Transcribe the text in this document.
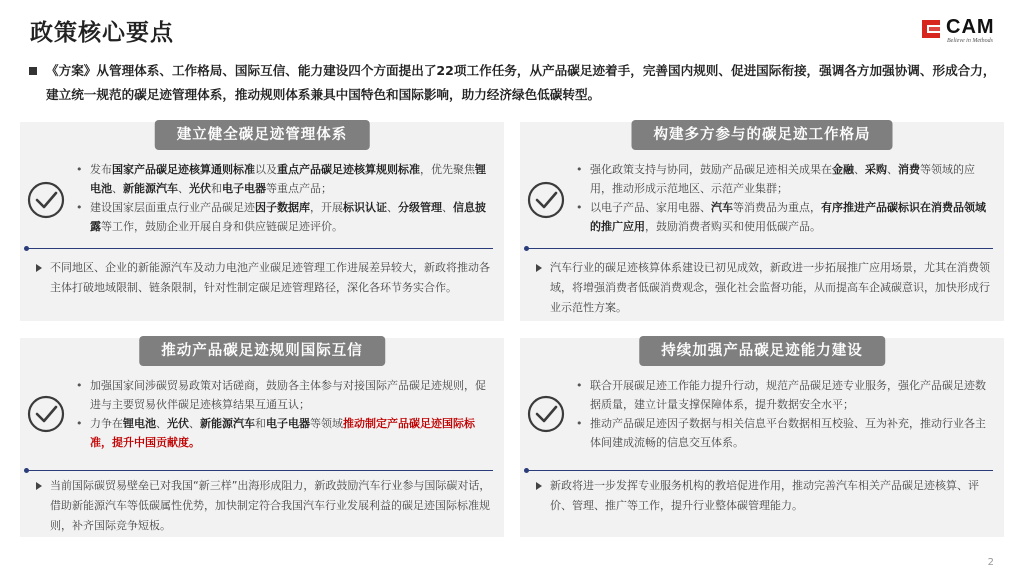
政策核心要点	CAM
Believe in Methods
《方案》从管理体系、工作格局、国际互信、能力建设四个方面提出了22项工作任务，从产品碳足迹着手，完善国内规则、促进国际衔接，强调各方加强协调、形成合力，建立统一规范的碳足迹管理体系，推动规则体系兼具中国特色和国际影响，助力经济绿色低碳转型。
建立健全碳足迹管理体系
• 发布国家产品碳足迹核算通则标准以及重点产品碳足迹核算规则标准，优先聚焦锂电池、新能源汽车、光伏和电子电器等重点产品；
• 建设国家层面重点行业产品碳足迹因子数据库，开展标识认证、分级管理、信息披露等工作，鼓励企业开展自身和供应链碳足迹评价。
不同地区、企业的新能源汽车及动力电池产业碳足迹管理工作进展差异较大，新政将推动各主体打破地域限制、链条限制，针对性制定碳足迹管理路径，深化各环节务实合作。
构建多方参与的碳足迹工作格局
• 强化政策支持与协同，鼓励产品碳足迹相关成果在金融、采购、消费等领域的应用，推动形成示范地区、示范产业集群；
• 以电子产品、家用电器、汽车等消费品为重点，有序推进产品碳标识在消费品领域的推广应用，鼓励消费者购买和使用低碳产品。
汽车行业的碳足迹核算体系建设已初见成效，新政进一步拓展推广应用场景，尤其在消费领域，将增强消费者低碳消费观念，强化社会监督功能，从而提高车企减碳意识，加快形成行业示范性方案。
推动产品碳足迹规则国际互信
• 加强国家间涉碳贸易政策对话磋商，鼓励各主体参与对接国际产品碳足迹规则，促进与主要贸易伙伴碳足迹核算结果互通互认；
• 力争在锂电池、光伏、新能源汽车和电子电器等领域推动制定产品碳足迹国际标准，提升中国贡献度。
当前国际碳贸易壁垒已对我国“新三样”出海形成阻力，新政鼓励汽车行业参与国际碳对话，借助新能源汽车等低碳属性优势，加快制定符合我国汽车行业发展利益的碳足迹国际标准规则，补齐国际竞争短板。
持续加强产品碳足迹能力建设
• 联合开展碳足迹工作能力提升行动，规范产品碳足迹专业服务，强化产品碳足迹数据质量，建立计量支撑保障体系，提升数据安全水平；
• 推动产品碳足迹因子数据与相关信息平台数据相互校验、互为补充，推动行业各主体间建成流畅的信息交互体系。
新政将进一步发挥专业服务机构的教培促进作用，推动完善汽车相关产品碳足迹核算、评价、管理、推广等工作，提升行业整体碳管理能力。
2
